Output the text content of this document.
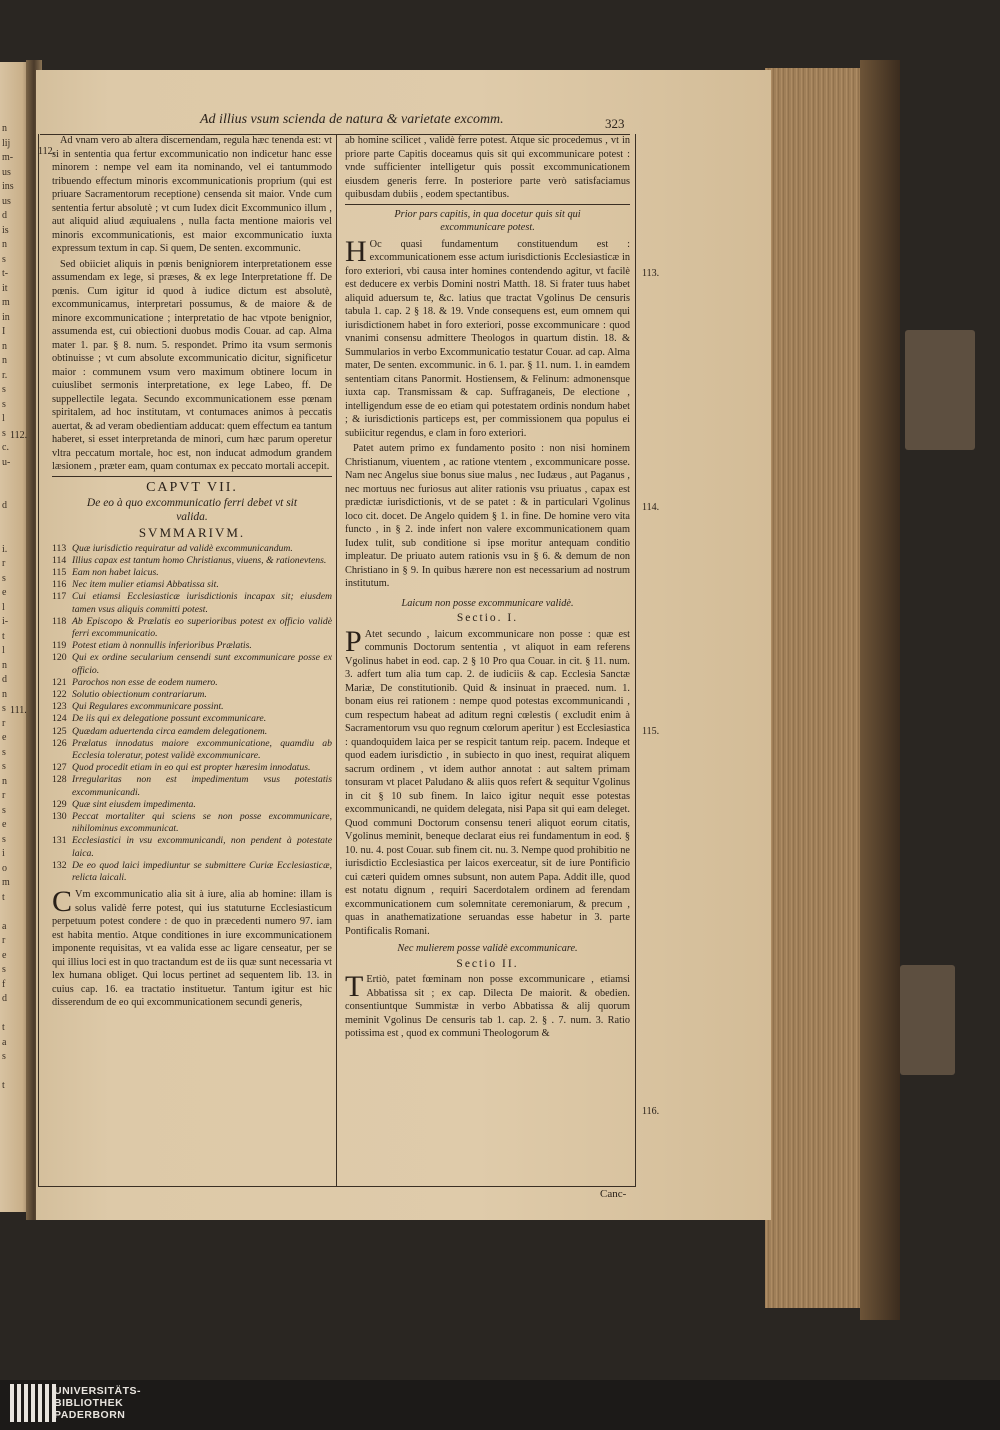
n
lij
m-
us
ins
us
d
is
n
s
t-
it
m
in
I
n
n
r.
s
s
l
s
c.
u-

d

i.
r
s
e
l
i-
t
l
n
d
n
s
r
e
s
s
n
r
s
e
s
i
o
m
t

a
r
e
s
f
d

t
a
s

t

Ad illius vsum scienda de natura & varietate excomm.	323
112.
112.
111.
113.
114.
115.
116.

Ad vnam vero ab altera discernendam, regula hæc tenenda est: vt si in sententia qua fertur excommunicatio non indicetur hanc esse minorem : nempe vel eam ita nominando, vel ei tantummodo tribuendo effectum minoris excommunicationis proprium (qui est priuare Sacramentorum receptione) censenda sit maior. Vnde cum sententia fertur absolutè ; vt cum Iudex dicit Excommunico illum , aut aliquid aliud æquiualens , nulla facta mentione maioris vel minoris excommunicationis, est maior excommunicatio iuxta expressum textum in cap. Si quem, De senten. excommunic.

Sed obiiciet aliquis in pœnis benigniorem interpretationem esse assumendam ex lege, si præses, & ex lege Interpretatione ff. De pœnis. Cum igitur id quod à iudice dictum est absolutè, excommunicamus, interpretari possumus, & de maiore & de minore excommunicatione ; interpretatio de hac vtpote benignior, assumenda est, cui obiectioni duobus modis Couar. ad cap. Alma mater 1. par. § 8. num. 5. respondet. Primo ita vsum sermonis obtinuisse ; vt cum absolute excommunicatio dicitur, significetur maior : communem vsum vero maximum obtinere locum in cuiuslibet sermonis interpretatione, ex lege Labeo, ff. De suppellectile legata. Secundo excommunicationem esse pœnam spiritalem, ad hoc institutam, vt contumaces animos à peccatis auertat, & ad veram obedientiam adducat: quem effectum ea tantum haberet, si esset interpretanda de minori, cum hæc parum operetur vltra peccatum mortale, hoc est, non inducat admodum grandem læsionem , præter eam, quam contumax ex peccato mortali accepit.

CAPVT VII.
De eo à quo excommunicatio ferri debet vt sit valida.
SVMMARIVM.
113 Quæ iurisdictio requiratur ad validè excommunicandum.
114 Illius capax est tantum homo Christianus, viuens, & rationevtens.
115 Eam non habet laicus.
116 Nec item mulier etiamsi Abbatissa sit.
117 Cui etiamsi Ecclesiasticæ iurisdictionis incapax sit; eiusdem tamen vsus aliquis committi potest.
118 Ab Episcopo & Prælatis eo superioribus potest ex officio validè ferri excommunicatio.
119 Potest etiam à nonnullis inferioribus Prælatis.
120 Qui ex ordine secularium censendi sunt excommunicare posse ex officio.
121 Parochos non esse de eodem numero.
122 Solutio obiectionum contrariarum.
123 Qui Regulares excommunicare possint.
124 De iis qui ex delegatione possunt excommunicare.
125 Quædam aduertenda circa eamdem delegationem.
126 Prælatus innodatus maiore excommunicatione, quamdiu ab Ecclesia toleratur, potest validè excommunicare.
127 Quod procedit etiam in eo qui est propter hæresim innodatus.
128 Irregularitas non est impedimentum vsus potestatis excommunicandi.
129 Quæ sint eiusdem impedimenta.
130 Peccat mortaliter qui sciens se non posse excommunicare, nihilominus excommunicat.
131 Ecclesiastici in vsu excommunicandi, non pendent à potestate laica.
132 De eo quod laici impediuntur se submittere Curiæ Ecclesiasticæ, relicta laicali.

C Vm excommunicatio alia sit à iure, alia ab homine: illam is solus validè ferre potest, qui ius statuturne Ecclesiasticum perpetuum potest condere : de quo in præcedenti numero 97. iam est habita mentio. Atque conditiones in iure excommunicationem imponente requisitas, vt ea valida esse ac ligare censeatur, per se qui illius loci est in quo tractandum est de iis quæ sunt necessaria vt lex humana obliget. Qui locus pertinet ad sequentem lib. 13. in cuius cap. 16. ea tractatio instituetur. Tantum igitur est hic disserendum de eo qui excommunicationem secundi generis,

ab homine scilicet , validè ferre potest. Atque sic procedemus , vt in priore parte Capitis doceamus quis sit qui excommunicare potest : vnde sufficienter intelligetur quis possit excommunicationem eiusdem generis ferre. In posteriore parte verò satisfaciamus quibusdam dubiis , eodem spectantibus.

Prior pars capitis, in qua docetur quis sit qui excommunicare potest.

H Oc quasi fundamentum constituendum est : excommunicationem esse actum iurisdictionis Ecclesiasticæ in foro exteriori, vbi causa inter homines contendendo agitur, vt facilè est deducere ex verbis Domini nostri Matth. 18. Si frater tuus habet aliquid aduersum te, &c. latius que tractat Vgolinus De censuris tabula 1. cap. 2 § 18. & 19. Vnde consequens est, eum omnem qui iurisdictionem habet in foro exteriori, posse excommunicare : quod vnanimi consensu admittere Theologos in quartum distin. 18. & Summularios in verbo Excommunicatio testatur Couar. ad cap. Alma mater, De senten. excommunic. in 6. 1. par. § 11. num. 1. in eamdem sententiam citans Panormit. Hostiensem, & Felinum: admonensque iuxta cap. Transmissam & cap. Suffraganeis, De electione , intelligendum esse de eo etiam qui potestatem ordinis nondum habet ; & iurisdictionis particeps est, per commissionem qua populus ei subiicitur regendus, e clam in foro exteriori.

Patet autem primo ex fundamento posito : non nisi hominem Christianum, viuentem , ac ratione vtentem , excommunicare posse. Nam nec Angelus siue bonus siue malus , nec Iudæus , aut Paganus , nec mortuus nec furiosus aut aliter rationis vsu priuatus , capax est prædictæ iurisdictionis, vt de se patet : & in particulari Vgolinus loco cit. docet. De Angelo quidem § 1. in fine. De homine vero vita functo , in § 2. inde infert non valere excommunicationem quam Iudex tulit, sub conditione si ipse moritur antequam conditio impleatur. De priuato autem rationis vsu in § 6. & demum de non Christiano in § 9. In quibus hærere non est necessarium ad nostrum institutum.

Laicum non posse excommunicare validè.
Sectio. I.

P Atet secundo , laicum excommunicare non posse : quæ est communis Doctorum sententia , vt aliquot in eam referens Vgolinus habet in eod. cap. 2 § 10 Pro qua Couar. in cit. § 11. num. 3. adfert tum alia tum cap. 2. de iudiciis & cap. Ecclesia Sanctæ Mariæ, De constitutionib. Quid & insinuat in praeced. num. 1. bonam eius rei rationem : nempe quod potestas excommunicandi , cum respectum habeat ad aditum regni cœlestis ( excludit enim à Sacramentorum vsu quo regnum cœlorum aperitur ) est Ecclesiastica : quandoquidem laica per se respicit tantum reip. pacem. Indeque et quod eadem iurisdictio , in subiecto in quo inest, requirat aliquem sacrum ordinem , vt idem author annotat : aut saltem primam tonsuram vt placet Paludano & aliis quos refert & sequitur Vgolinus in cit § 10 sub finem. In laico igitur nequit esse potestas excommunicandi, ne quidem delegata, nisi Papa sit qui eam deleget. Quod communi Doctorum consensu teneri aliquot eorum citatis, Vgolinus meminit, beneque declarat eius rei fundamentum in eod. § 10. nu. 4. post Couar. sub finem cit. nu. 3. Nempe quod prohibitio ne iurisdictio Ecclesiastica per laicos exerceatur, sit de iure Pontificio cui cæteri quidem omnes subsunt, non autem Papa. Addit ille, quod est notatu dignum , requiri Sacerdotalem ordinem ad ferendam excommunicationem cum solemnitate ceremoniarum, & precum , quas in anathematizatione seruandas esse habetur in 3. parte Pontificalis Romani.

Nec mulierem posse validè excommunicare.
Sectio II.

T Ertiò, patet fœminam non posse excommunicare , etiamsi Abbatissa sit ; ex cap. Dilecta De maiorit. & obedien. consentiuntque Summistæ in verbo Abbatissa & alij quorum meminit Vgolinus De censuris tab 1. cap. 2. § . 7. num. 3. Ratio potissima est , quod ex communi Theologorum &

Canc-
UNIVERSITÄTS-
BIBLIOTHEK
PADERBORN
